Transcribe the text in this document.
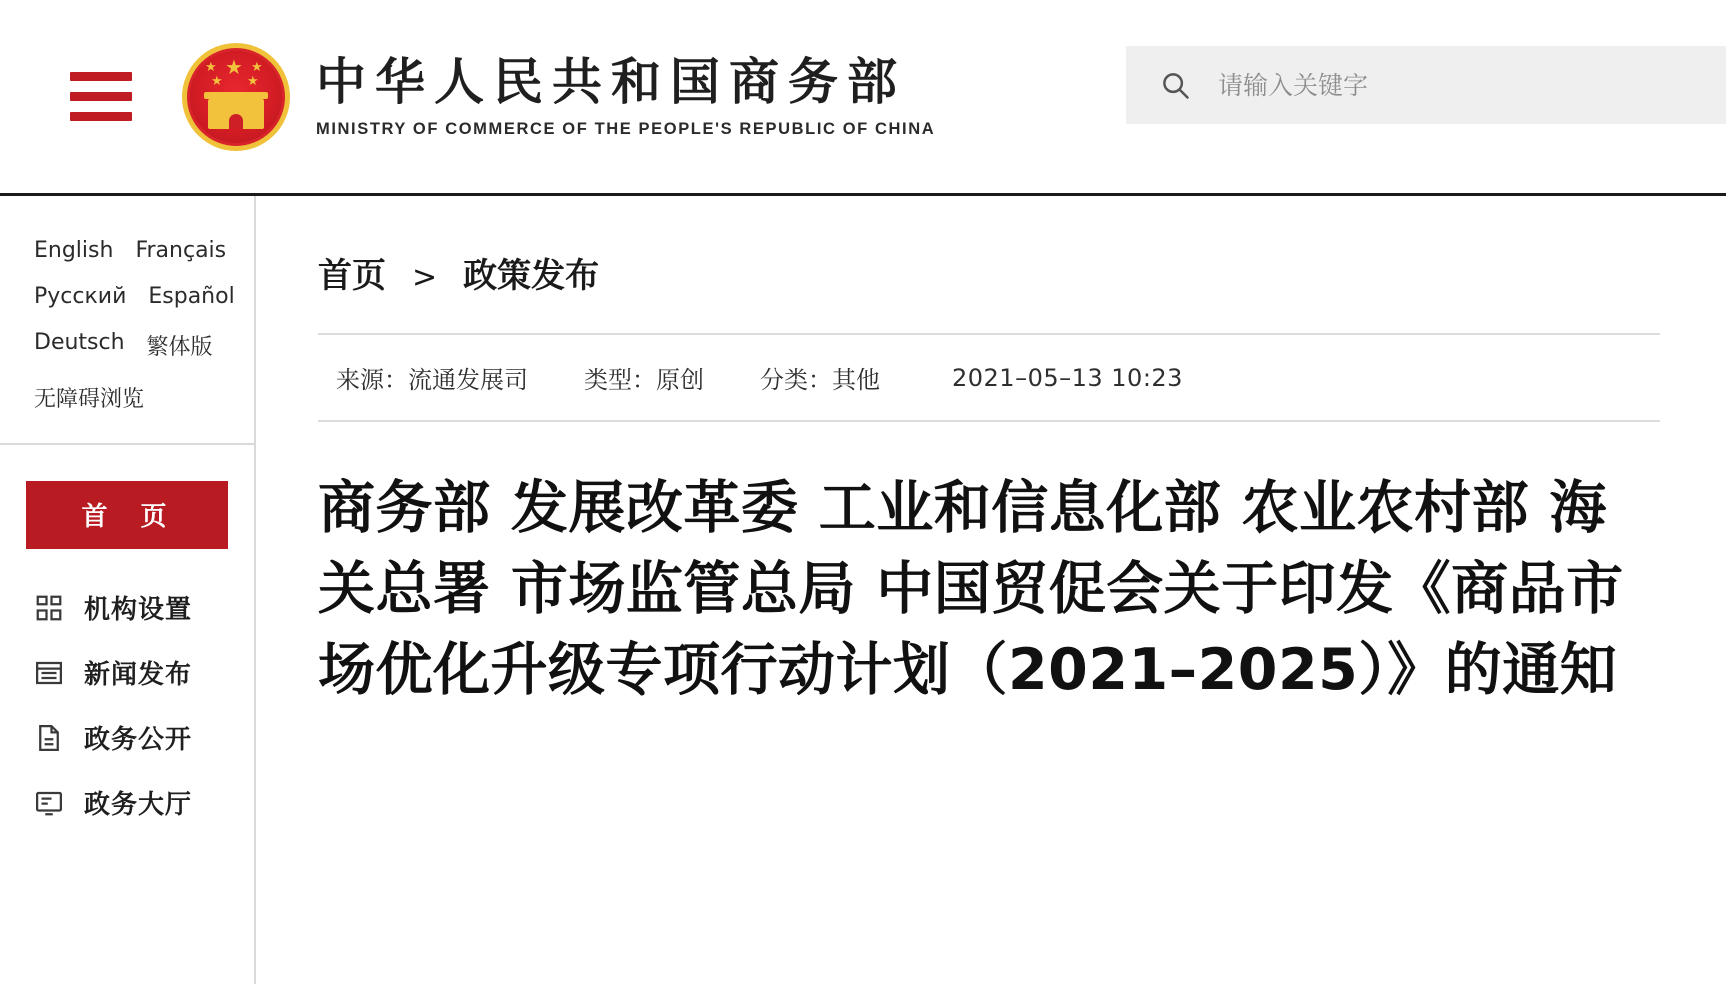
★
★	★
★ ★ 中华人民共和国商务部
MINISTRY OF COMMERCE OF THE PEOPLE'S REPUBLIC OF CHINA
请输入关键字
English Français
Русский Español
Deutsch 繁体版
无障碍浏览
首 页
机构设置
新闻发布
政务公开
政务大厅
首页 > 政策发布
来源：流通发展司 类型：原创 分类：其他	2021–05–13 10:23
商务部 发展改革委 工业和信息化部 农业农村部 海关总署 市场监管总局 中国贸促会关于印发《商品市场优化升级专项行动计划（2021–2025）》的通知
